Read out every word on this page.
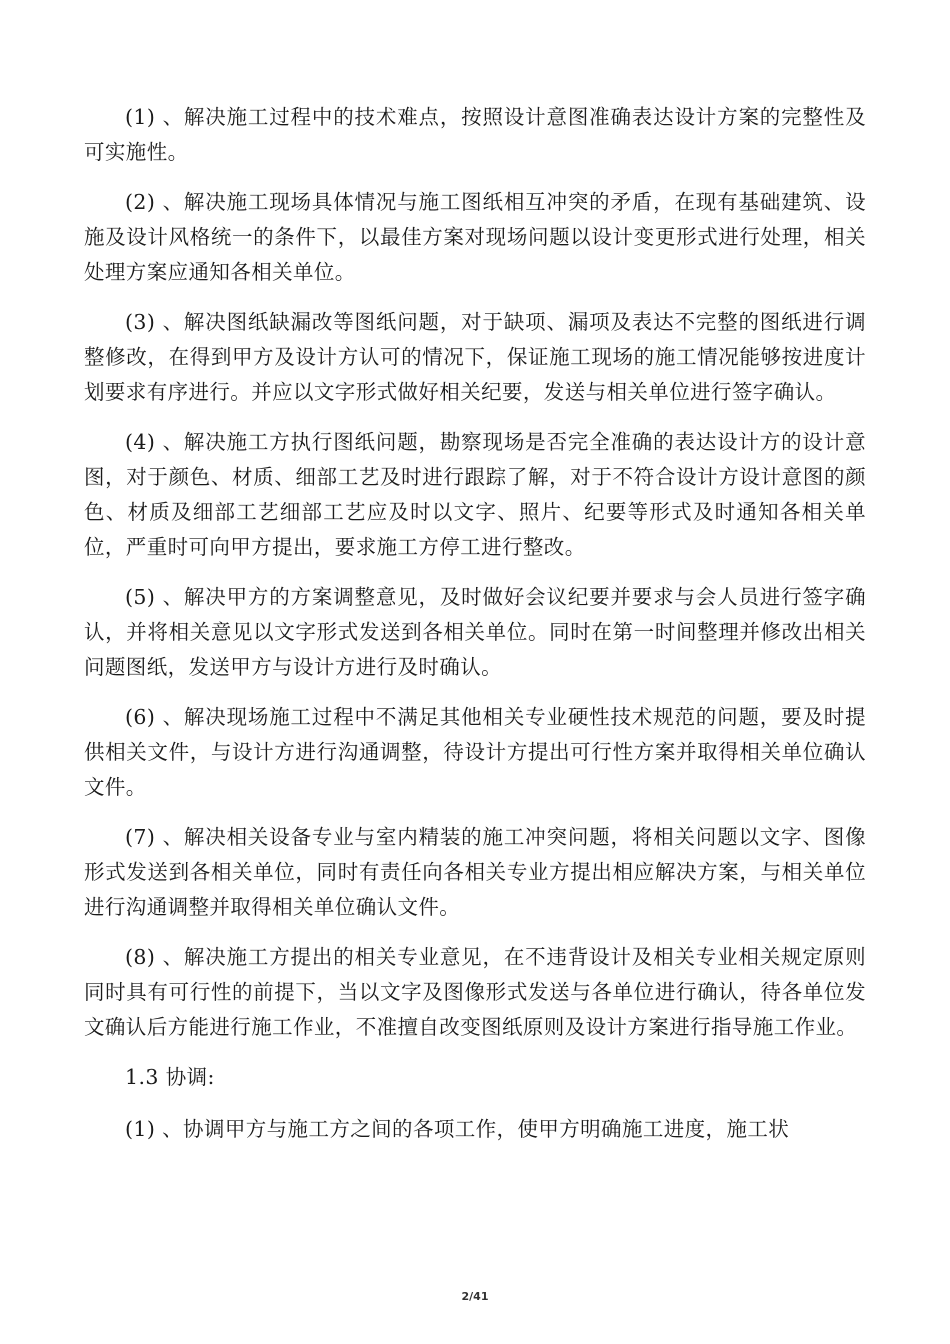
(1) 、解决施工过程中的技术难点，按照设计意图准确表达设计方案的完整性及可实施性。

(2) 、解决施工现场具体情况与施工图纸相互冲突的矛盾，在现有基础建筑、设施及设计风格统一的条件下，以最佳方案对现场问题以设计变更形式进行处理，相关处理方案应通知各相关单位。

(3) 、解决图纸缺漏改等图纸问题，对于缺项、漏项及表达不完整的图纸进行调整修改，在得到甲方及设计方认可的情况下，保证施工现场的施工情况能够按进度计划要求有序进行。并应以文字形式做好相关纪要，发送与相关单位进行签字确认。

(4) 、解决施工方执行图纸问题，勘察现场是否完全准确的表达设计方的设计意图，对于颜色、材质、细部工艺及时进行跟踪了解，对于不符合设计方设计意图的颜色、材质及细部工艺细部工艺应及时以文字、照片、纪要等形式及时通知各相关单位，严重时可向甲方提出，要求施工方停工进行整改。

(5) 、解决甲方的方案调整意见，及时做好会议纪要并要求与会人员进行签字确认，并将相关意见以文字形式发送到各相关单位。同时在第一时间整理并修改出相关问题图纸，发送甲方与设计方进行及时确认。

(6) 、解决现场施工过程中不满足其他相关专业硬性技术规范的问题，要及时提供相关文件，与设计方进行沟通调整，待设计方提出可行性方案并取得相关单位确认文件。

(7) 、解决相关设备专业与室内精装的施工冲突问题，将相关问题以文字、图像形式发送到各相关单位，同时有责任向各相关专业方提出相应解决方案，与相关单位进行沟通调整并取得相关单位确认文件。

(8) 、解决施工方提出的相关专业意见，在不违背设计及相关专业相关规定原则同时具有可行性的前提下，当以文字及图像形式发送与各单位进行确认，待各单位发文确认后方能进行施工作业，不准擅自改变图纸原则及设计方案进行指导施工作业。

1.3 协调:

(1) 、协调甲方与施工方之间的各项工作，使甲方明确施工进度，施工状

2/41
